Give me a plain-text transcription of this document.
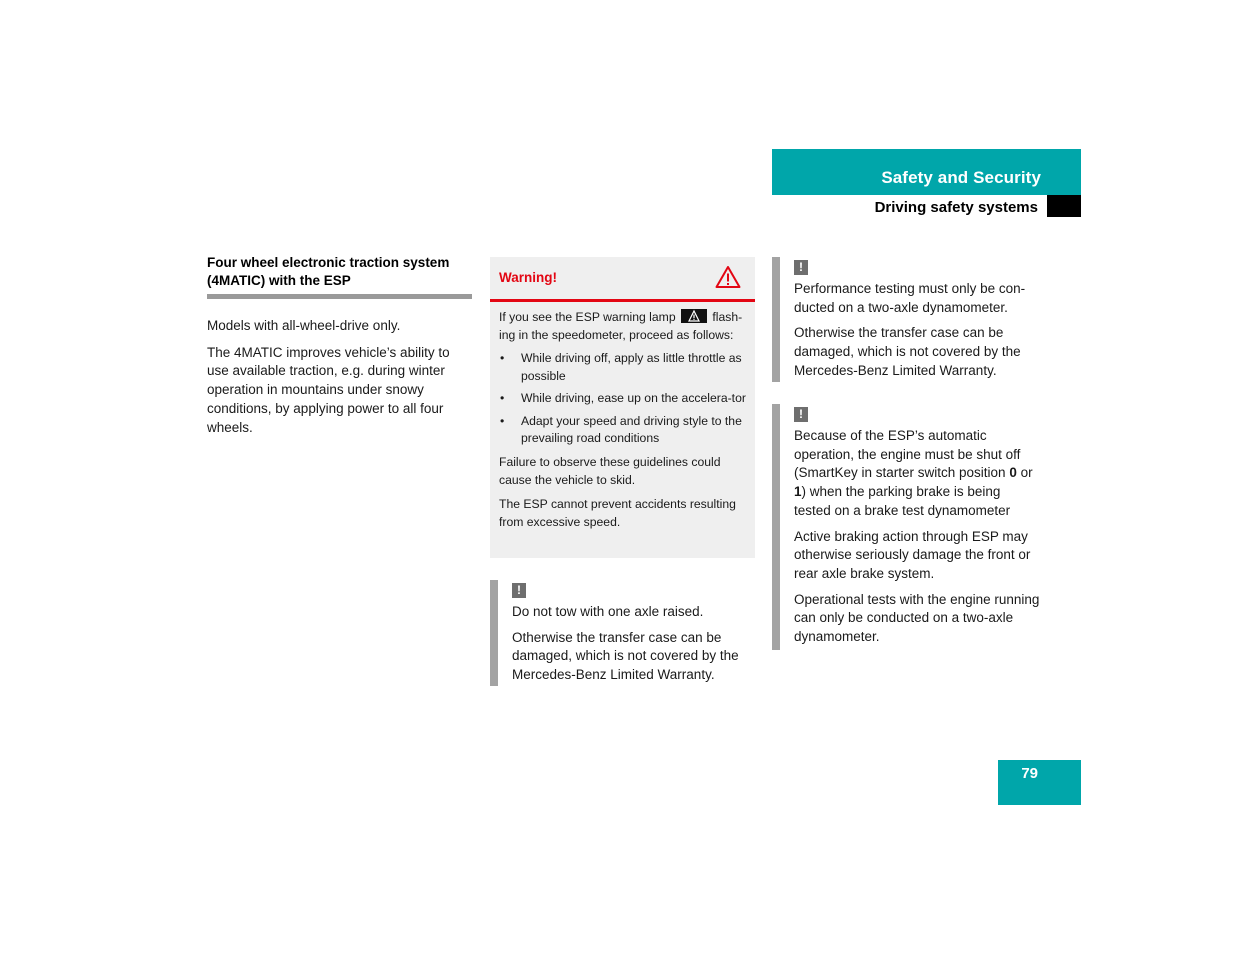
Safety and Security
Driving safety systems
Four wheel electronic traction system (4MATIC) with the ESP

Models with all-wheel-drive only.

The 4MATIC improves vehicle’s ability to use available traction, e.g. during winter operation in mountains under snowy conditions, by applying power to all four wheels.

Warning!

If you see the ESP warning lamp	flash-ing in the speedometer, proceed as follows:

• While driving off, apply as little throttle as possible
• While driving, ease up on the accelera-tor
• Adapt your speed and driving style to the prevailing road conditions

Failure to observe these guidelines could cause the vehicle to skid.

The ESP cannot prevent accidents resulting from excessive speed.

!

Do not tow with one axle raised.

Otherwise the transfer case can be damaged, which is not covered by the Mercedes-Benz Limited Warranty.

!

Performance testing must only be con-ducted on a two-axle dynamometer.

Otherwise the transfer case can be damaged, which is not covered by the Mercedes-Benz Limited Warranty.

!

Because of the ESP’s automatic operation, the engine must be shut off (SmartKey in starter switch position 0 or 1) when the parking brake is being tested on a brake test dynamometer

Active braking action through ESP may otherwise seriously damage the front or rear axle brake system.

Operational tests with the engine running can only be conducted on a two-axle dynamometer.

79
